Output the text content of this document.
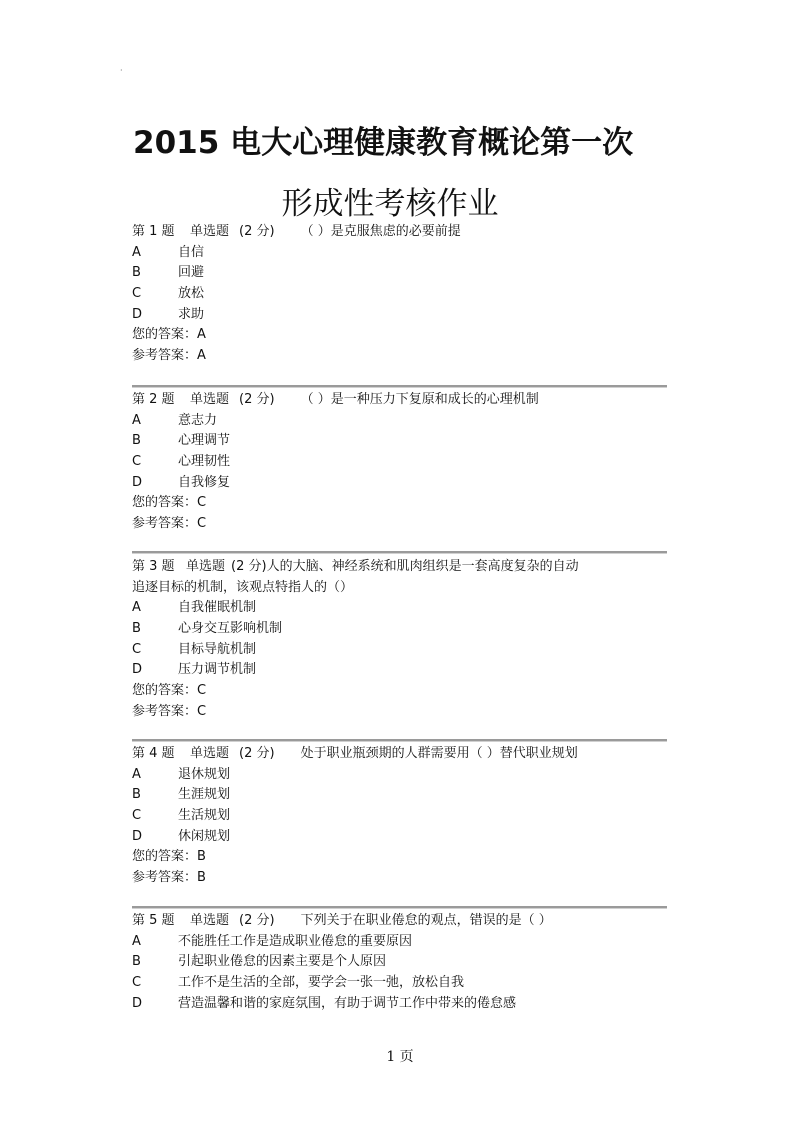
·
2015 电大心理健康教育概论第一次
形成性考核作业
第 1 题 单选题 (2 分) （ ）是克服焦虑的必要前提
A	自信
B	回避
C	放松
D	求助
您的答案：A
参考答案：A
第 2 题 单选题 (2 分) （ ）是一种压力下复原和成长的心理机制
A	意志力
B	心理调节
C	心理韧性
D	自我修复
您的答案：C
参考答案：C
第 3 题 单选题 (2 分)人的大脑、神经系统和肌肉组织是一套高度复杂的自动
追逐目标的机制，该观点特指人的（）
A	自我催眠机制
B	心身交互影响机制
C	目标导航机制
D	压力调节机制
您的答案：C
参考答案：C
第 4 题 单选题 (2 分) 处于职业瓶颈期的人群需要用（ ）替代职业规划
A	退休规划
B	生涯规划
C	生活规划
D	休闲规划
您的答案：B
参考答案：B
第 5 题 单选题 (2 分) 下列关于在职业倦怠的观点，错误的是（ ）
A	不能胜任工作是造成职业倦怠的重要原因
B	引起职业倦怠的因素主要是个人原因
C	工作不是生活的全部，要学会一张一弛，放松自我
D	营造温馨和谐的家庭氛围，有助于调节工作中带来的倦怠感
1 页
